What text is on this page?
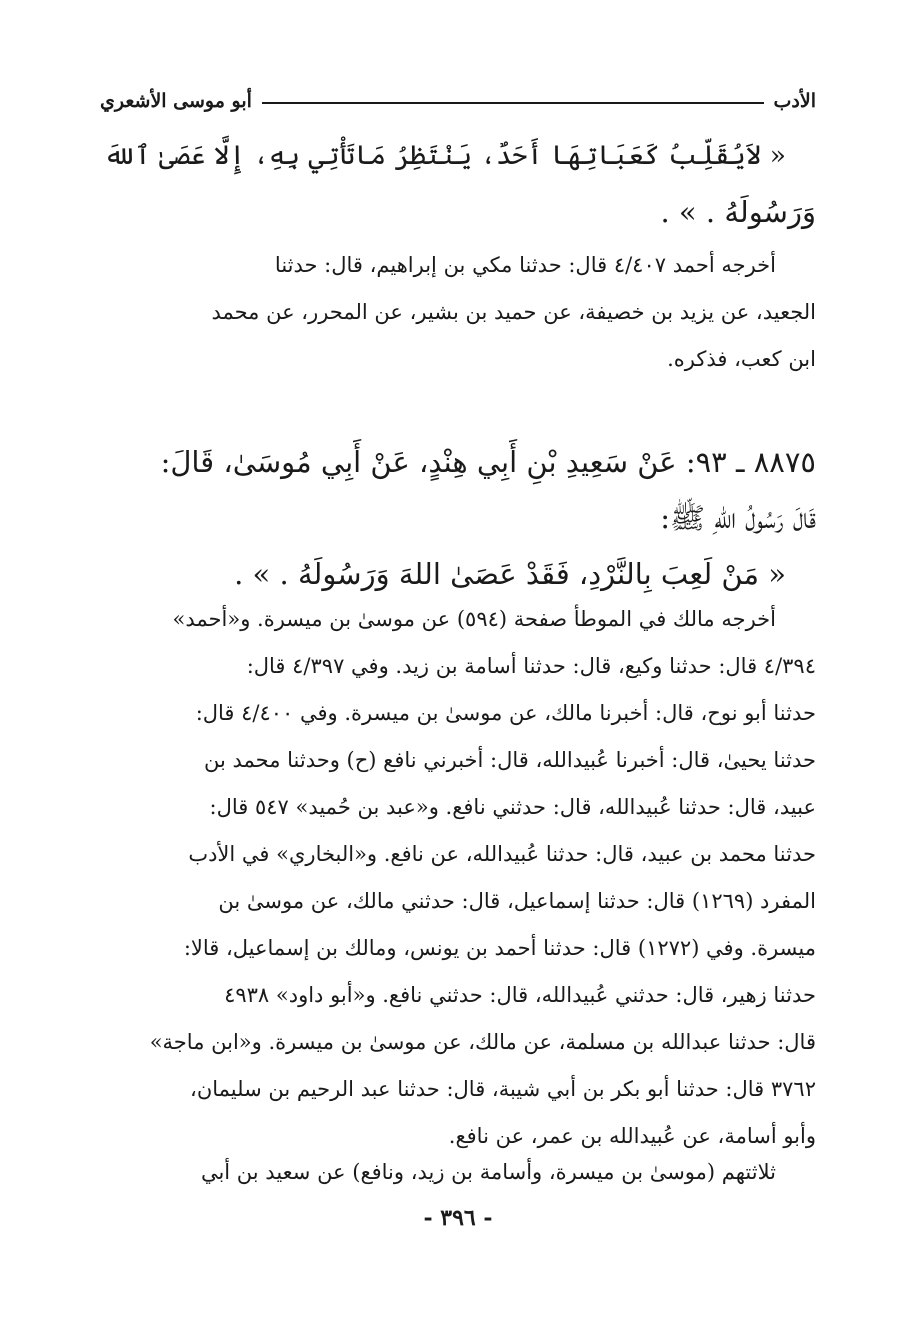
الأدب
أبو موسى الأشعري
« لاَيُقَلِّبُ كَعَبَاتِهَا أَحَدٌ، يَنْتَظِرُ مَاتَأْتِي بِهِ، إِلَّا عَصَىٰ ٱللهَ
وَرَسُولَهُ . » .
أخرجه أحمد ٤/٤٠٧ قال: حدثنا مكي بن إبراهيم، قال: حدثنا
الجعيد، عن يزيد بن خصيفة، عن حميد بن بشير، عن المحرر، عن محمد
ابن كعب، فذكره.
٨٨٧٥ ـ ٩٣: عَنْ سَعِيدِ بْنِ أَبِي هِنْدٍ، عَنْ أَبِي مُوسَىٰ، قَالَ:
قَالَ رَسُولُ اللهِ ﷺ:
« مَنْ لَعِبَ بِالنَّرْدِ، فَقَدْ عَصَىٰ اللهَ وَرَسُولَهُ . » .
أخرجه مالك في الموطأ صفحة (٥٩٤) عن موسىٰ بن ميسرة. و«أحمد»
٤/٣٩٤ قال: حدثنا وكيع، قال: حدثنا أسامة بن زيد. وفي ٤/٣٩٧ قال:
حدثنا أبو نوح، قال: أخبرنا مالك، عن موسىٰ بن ميسرة. وفي ٤/٤٠٠ قال:
حدثنا يحيىٰ، قال: أخبرنا عُبيدالله، قال: أخبرني نافع (ح) وحدثنا محمد بن
عبيد، قال: حدثنا عُبيدالله، قال: حدثني نافع. و«عبد بن حُميد» ٥٤٧ قال:
حدثنا محمد بن عبيد، قال: حدثنا عُبيدالله، عن نافع. و«البخاري» في الأدب
المفرد (١٢٦٩) قال: حدثنا إسماعيل، قال: حدثني مالك، عن موسىٰ بن
ميسرة. وفي (١٢٧٢) قال: حدثنا أحمد بن يونس، ومالك بن إسماعيل، قالا:
حدثنا زهير، قال: حدثني عُبيدالله، قال: حدثني نافع. و«أبو داود» ٤٩٣٨
قال: حدثنا عبدالله بن مسلمة، عن مالك، عن موسىٰ بن ميسرة. و«ابن ماجة»
٣٧٦٢ قال: حدثنا أبو بكر بن أبي شيبة، قال: حدثنا عبد الرحيم بن سليمان،
وأبو أسامة، عن عُبيدالله بن عمر، عن نافع.
ثلاثتهم (موسىٰ بن ميسرة، وأسامة بن زيد، ونافع) عن سعيد بن أبي
- ٣٩٦ -
